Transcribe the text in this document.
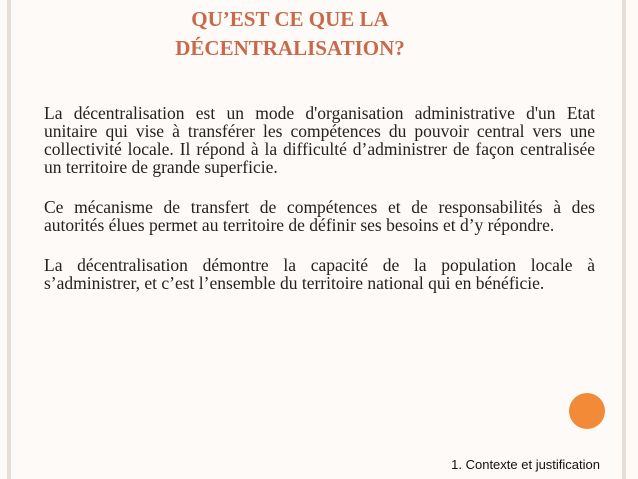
QU’EST CE QUE LA
DÉCENTRALISATION?
La décentralisation est un mode d'organisation administrative d'un Etat unitaire qui vise à transférer les compétences du pouvoir central vers une collectivité locale. Il répond à la difficulté d’administrer de façon centralisée un territoire de grande superficie.
Ce mécanisme de transfert de compétences et de responsabilités à des autorités élues permet au territoire de définir ses besoins et d’y répondre.
La décentralisation démontre la capacité de la population locale à s’administrer, et c’est l’ensemble du territoire national qui en bénéficie.
1. Contexte et justification
